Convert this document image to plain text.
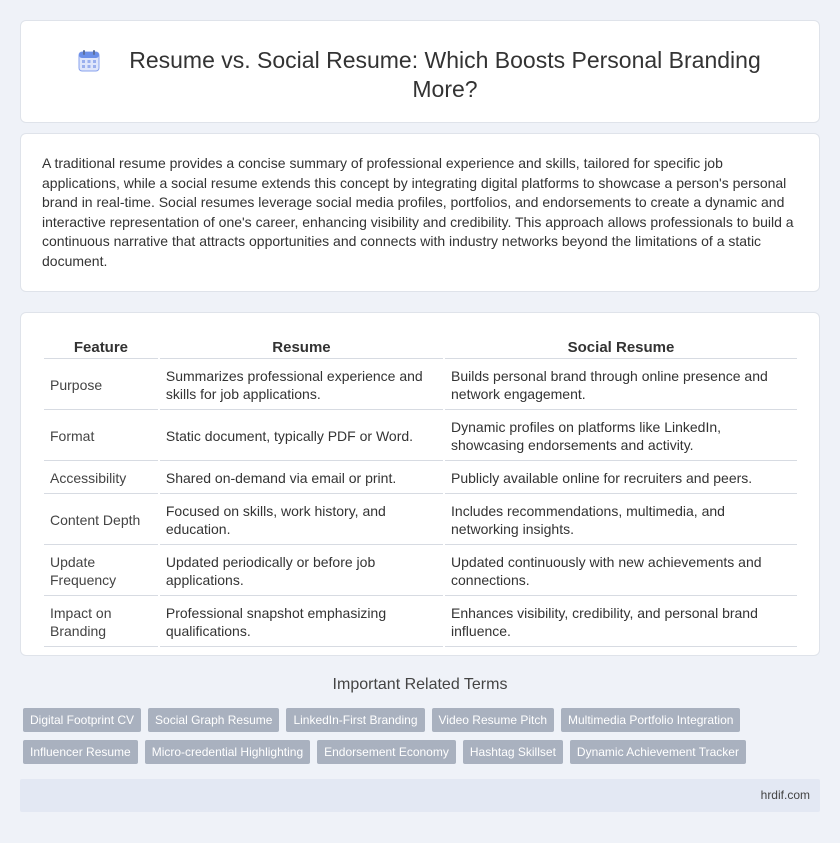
Resume vs. Social Resume: Which Boosts Personal Branding More?

A traditional resume provides a concise summary of professional experience and skills, tailored for specific job applications, while a social resume extends this concept by integrating digital platforms to showcase a person's personal brand in real-time. Social resumes leverage social media profiles, portfolios, and endorsements to create a dynamic and interactive representation of one's career, enhancing visibility and credibility. This approach allows professionals to build a continuous narrative that attracts opportunities and connects with industry networks beyond the limitations of a static document.

Feature	Resume	Social Resume
Purpose	Summarizes professional experience and skills for job applications.	Builds personal brand through online presence and network engagement.
Format	Static document, typically PDF or Word.	Dynamic profiles on platforms like LinkedIn, showcasing endorsements and activity.
Accessibility	Shared on-demand via email or print.	Publicly available online for recruiters and peers.
Content Depth	Focused on skills, work history, and education.	Includes recommendations, multimedia, and networking insights.
Update Frequency	Updated periodically or before job applications.	Updated continuously with new achievements and connections.
Impact on Branding	Professional snapshot emphasizing qualifications.	Enhances visibility, credibility, and personal brand influence.
Important Related Terms
Digital Footprint CV	Social Graph Resume	LinkedIn-First Branding	Video Resume Pitch	Multimedia Portfolio Integration
Influencer Resume	Micro-credential Highlighting	Endorsement Economy	Hashtag Skillset	Dynamic Achievement Tracker
hrdif.com
